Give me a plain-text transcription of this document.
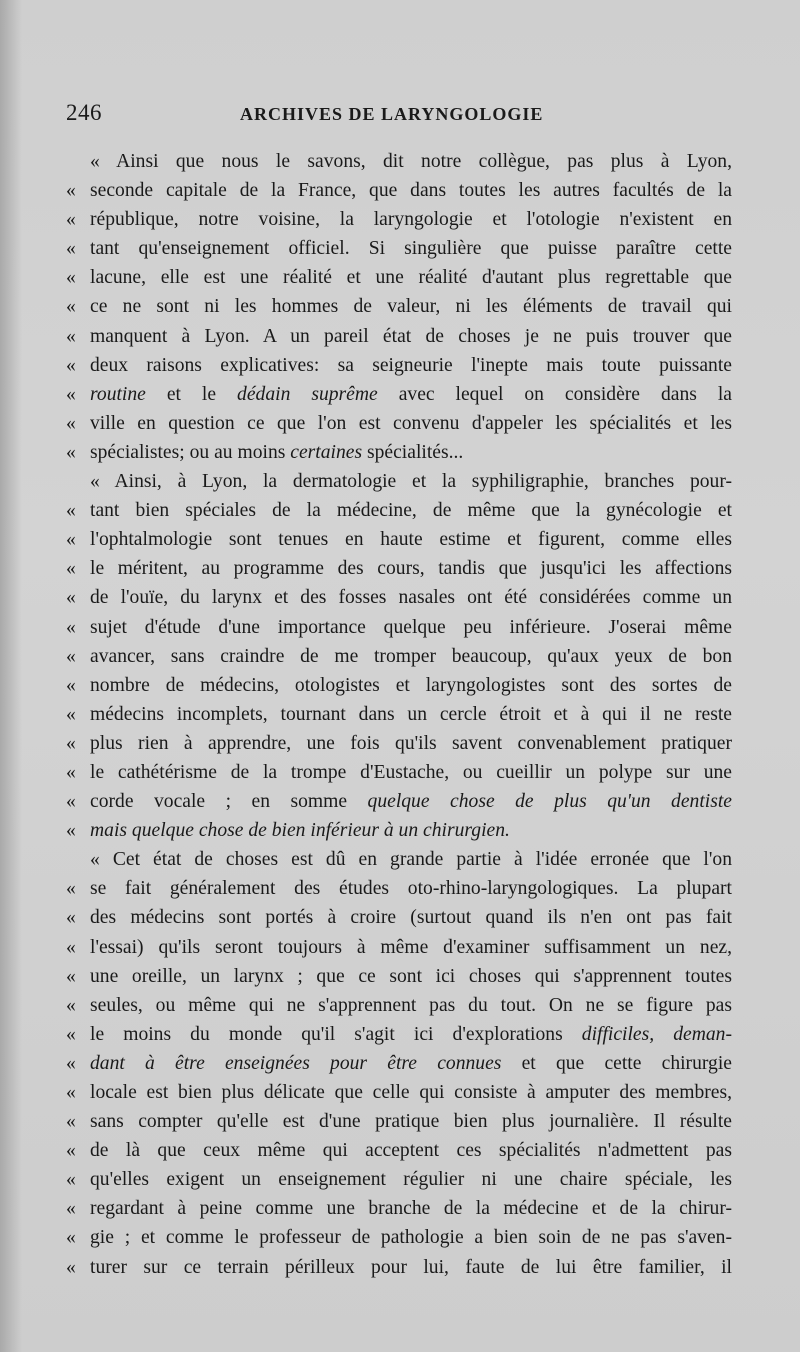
246	ARCHIVES DE LARYNGOLOGIE
« Ainsi que nous le savons, dit notre collègue, pas plus à Lyon,
« seconde capitale de la France, que dans toutes les autres facultés de la
« république, notre voisine, la laryngologie et l'otologie n'existent en
« tant qu'enseignement officiel. Si singulière que puisse paraître cette
« lacune, elle est une réalité et une réalité d'autant plus regrettable que
« ce ne sont ni les hommes de valeur, ni les éléments de travail qui
« manquent à Lyon. A un pareil état de choses je ne puis trouver que
« deux raisons explicatives: sa seigneurie l'inepte mais toute puissante
« routine et le dédain suprême avec lequel on considère dans la
« ville en question ce que l'on est convenu d'appeler les spécialités et les
« spécialistes; ou au moins certaines spécialités...
« Ainsi, à Lyon, la dermatologie et la syphiligraphie, branches pour-
« tant bien spéciales de la médecine, de même que la gynécologie et
« l'ophtalmologie sont tenues en haute estime et figurent, comme elles
« le méritent, au programme des cours, tandis que jusqu'ici les affections
« de l'ouïe, du larynx et des fosses nasales ont été considérées comme un
« sujet d'étude d'une importance quelque peu inférieure. J'oserai même
« avancer, sans craindre de me tromper beaucoup, qu'aux yeux de bon
« nombre de médecins, otologistes et laryngologistes sont des sortes de
« médecins incomplets, tournant dans un cercle étroit et à qui il ne reste
« plus rien à apprendre, une fois qu'ils savent convenablement pratiquer
« le cathétérisme de la trompe d'Eustache, ou cueillir un polype sur une
« corde vocale ; en somme quelque chose de plus qu'un dentiste
« mais quelque chose de bien inférieur à un chirurgien.
« Cet état de choses est dû en grande partie à l'idée erronée que l'on
« se fait généralement des études oto-rhino-laryngologiques. La plupart
« des médecins sont portés à croire (surtout quand ils n'en ont pas fait
« l'essai) qu'ils seront toujours à même d'examiner suffisamment un nez,
« une oreille, un larynx ; que ce sont ici choses qui s'apprennent toutes
« seules, ou même qui ne s'apprennent pas du tout. On ne se figure pas
« le moins du monde qu'il s'agit ici d'explorations difficiles, deman-
« dant à être enseignées pour être connues et que cette chirurgie
« locale est bien plus délicate que celle qui consiste à amputer des membres,
« sans compter qu'elle est d'une pratique bien plus journalière. Il résulte
« de là que ceux même qui acceptent ces spécialités n'admettent pas
« qu'elles exigent un enseignement régulier ni une chaire spéciale, les
« regardant à peine comme une branche de la médecine et de la chirur-
« gie ; et comme le professeur de pathologie a bien soin de ne pas s'aven-
« turer sur ce terrain périlleux pour lui, faute de lui être familier, il
